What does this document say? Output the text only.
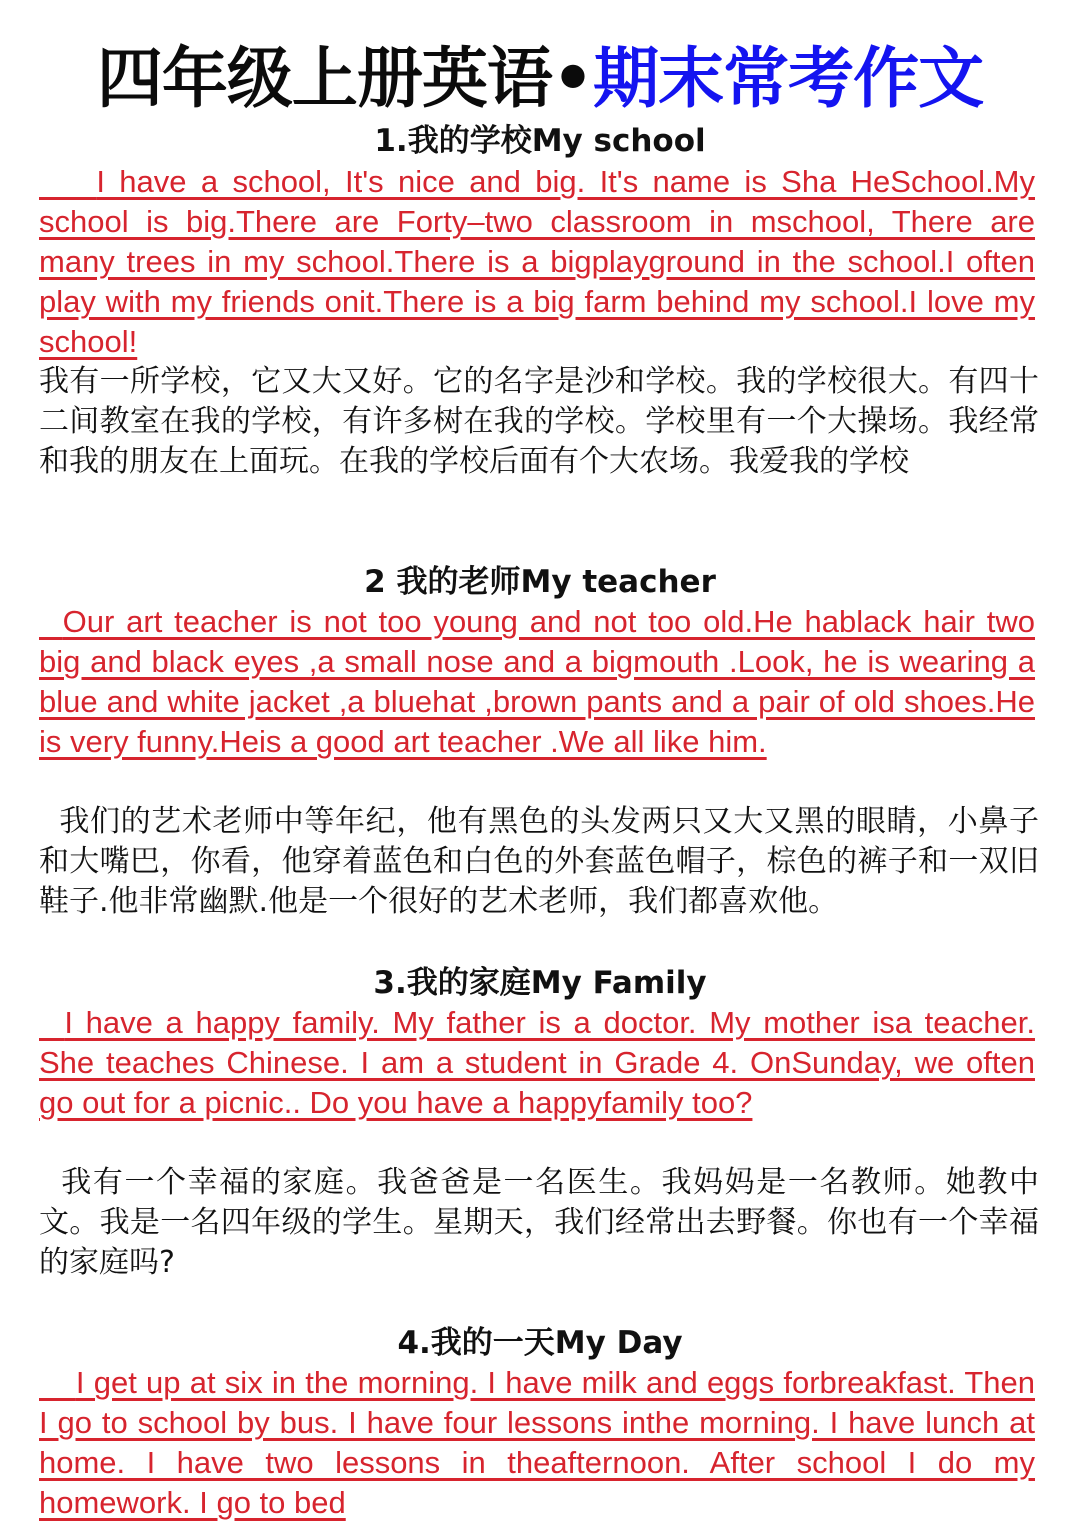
四年级上册英语•期末常考作文
1.我的学校My school
I have a school, It's nice and big. It's name is Sha HeSchool.My school is big.There are Forty–two classroom in mschool, There are many trees in my school.There is a bigplayground in the school.I often play with my friends onit.There is a big farm behind my school.I love my school!
我有一所学校，它又大又好。它的名字是沙和学校。我的学校很大。有四十二间教室在我的学校，有许多树在我的学校。学校里有一个大操场。我经常和我的朋友在上面玩。在我的学校后面有个大农场。我爱我的学校
2 我的老师My teacher
Our art teacher is not too young and not too old.He hablack hair two big and black eyes ,a small nose and a bigmouth .Look, he is wearing a blue and white jacket ,a bluehat ,brown pants and a pair of old shoes.He is very funny.Heis a good art teacher .We all like him.
我们的艺术老师中等年纪，他有黑色的头发两只又大又黑的眼睛，小鼻子和大嘴巴，你看，他穿着蓝色和白色的外套蓝色帽子，棕色的裤子和一双旧鞋子.他非常幽默.他是一个很好的艺术老师，我们都喜欢他。
3.我的家庭My Family
I have a happy family. My father is a doctor. My mother isa teacher. She teaches Chinese. I am a student in Grade 4. OnSunday, we often go out for a picnic.. Do you have a happyfamily too?
我有一个幸福的家庭。我爸爸是一名医生。我妈妈是一名教师。她教中文。我是一名四年级的学生。星期天，我们经常出去野餐。你也有一个幸福的家庭吗?
4.我的一天My Day
I get up at six in the morning. I have milk and eggs forbreakfast. Then I go to school by bus. I have four lessons inthe morning. I have lunch at home. I have two lessons in theafternoon. After school I do my homework. I go to bed
